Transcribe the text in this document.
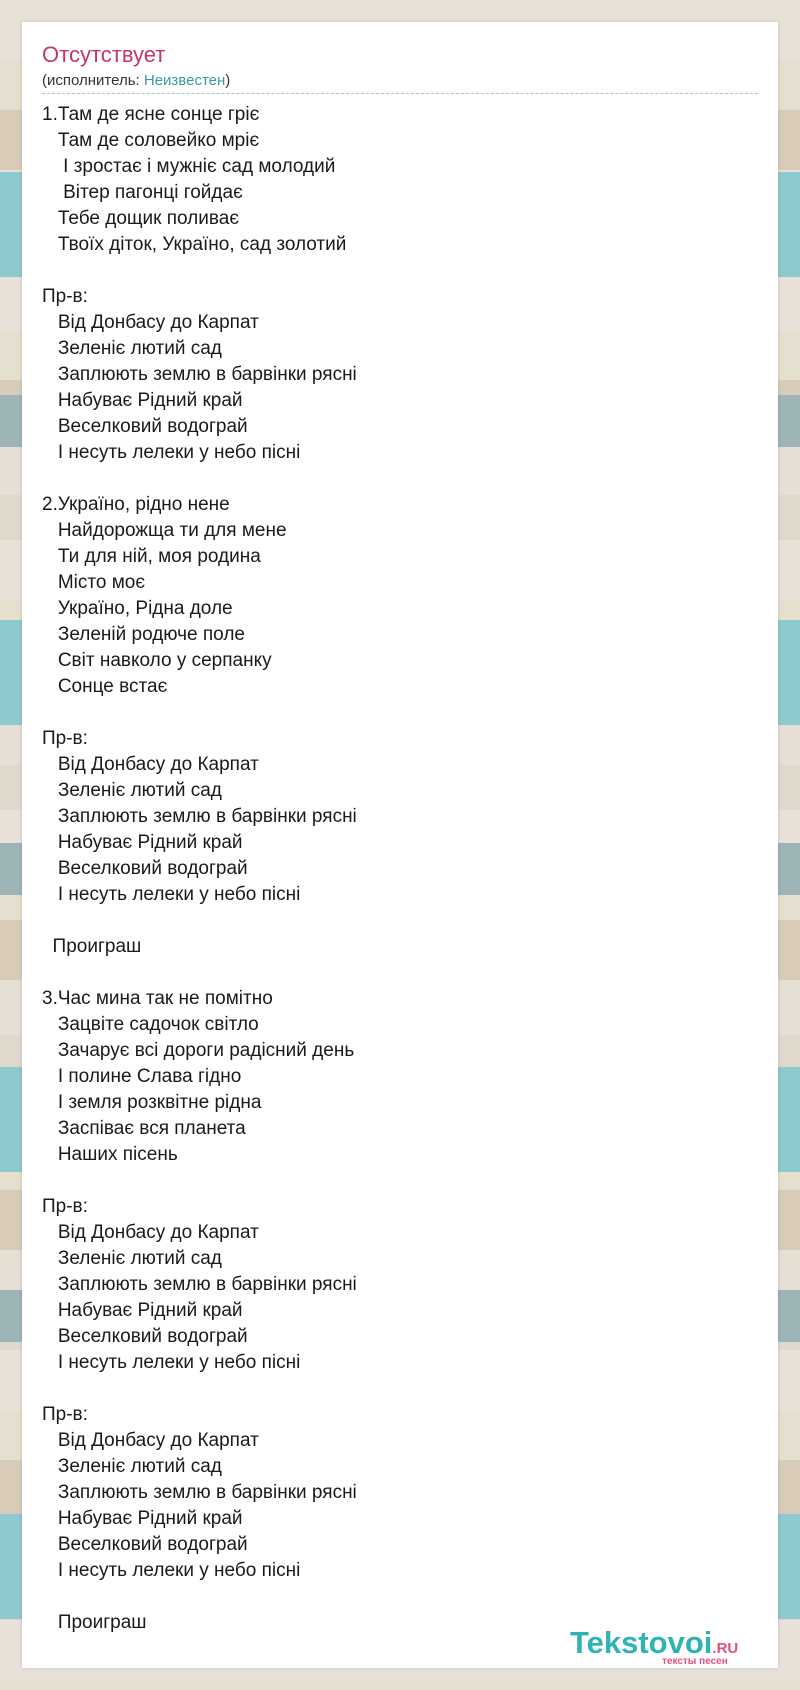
Отсутствует
(исполнитель: Неизвестен)
1.Там де ясне сонце гріє
Там де соловейко мріє
І зростає і мужніє сад молодий
Вітер пагонці гойдає
Тебе дощик поливає
Твоїх діток, Україно, сад золотий
Пр-в:
Від Донбасу до Карпат
Зеленіє лютий сад
Заплюють землю в барвінки рясні
Набуває Рідний край
Веселковий водограй
І несуть лелеки у небо пісні
2.Україно, рідно нене
Найдорожща ти для мене
Ти для ній, моя родина
Місто моє
Україно, Рідна доле
Зеленій родюче поле
Світ навколо у серпанку
Сонце встає
Пр-в:
Від Донбасу до Карпат
Зеленіє лютий сад
Заплюють землю в барвінки рясні
Набуває Рідний край
Веселковий водограй
І несуть лелеки у небо пісні
Проиграш
3.Час мина так не помітно
Зацвіте садочок світло
Зачарує всі дороги радісний день
І полине Слава гідно
І земля розквітне рідна
Заспіває вся планета
Наших пісень
Пр-в:
Від Донбасу до Карпат
Зеленіє лютий сад
Заплюють землю в барвінки рясні
Набуває Рідний край
Веселковий водограй
І несуть лелеки у небо пісні
Пр-в:
Від Донбасу до Карпат
Зеленіє лютий сад
Заплюють землю в барвінки рясні
Набуває Рідний край
Веселковий водограй
І несуть лелеки у небо пісні
Проиграш
Tekstovoi.RU
тексты песен
